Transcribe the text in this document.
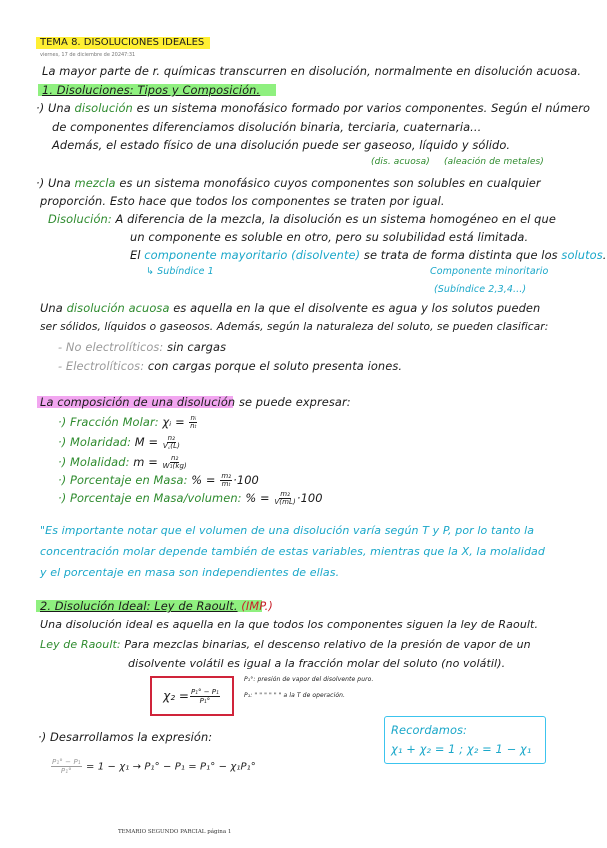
TEMA 8. DISOLUCIONES IDEALES
viernes, 17 de diciembre de 2024 7:31
La mayor parte de r. químicas transcurren en disolución, normalmente en disolución acuosa.
1. Disoluciones: Tipos y Composición.
·) Una disolución es un sistema monofásico formado por varios componentes. Según el número
de componentes diferenciamos disolución binaria, terciaria, cuaternaria...
Además, el estado físico de una disolución puede ser gaseoso, líquido y sólido.
(dis. acuosa) (aleación de metales)
·) Una mezcla es un sistema monofásico cuyos componentes son solubles en cualquier
proporción. Esto hace que todos los componentes se traten por igual.
Disolución: A diferencia de la mezcla, la disolución es un sistema homogéneo en el que
un componente es soluble en otro, pero su solubilidad está limitada.
El componente mayoritario (disolvente) se trata de forma distinta que los solutos.
↳ Subíndice 1	Componente minoritario
(Subíndice 2,3,4...)
Una disolución acuosa es aquella en la que el disolvente es agua y los solutos pueden
ser sólidos, líquidos o gaseosos. Además, según la naturaleza del soluto, se pueden clasificar:
- No electrolíticos: sin cargas
- Electrolíticos: con cargas porque el soluto presenta iones.
La composición de una disolución se puede expresar:
·) Fracción Molar: χᵢ = $\frac{\text{nᵢ}}{\text{nₜ}}$
·) Molaridad: $M = \frac{\text{n₂}}{V꜀(L)}$
·) Molalidad: $m = \frac{\text{n₂}}{\text{W₁(kg)}}$
·) Porcentaje en Masa: % = $\frac{\text{m₂}}{\text{mₜ}} \cdot 100$
·) Porcentaje en Masa/volumen: % = $\frac{\text{m₂}}{V(mL)} \cdot 100$
"Es importante notar que el volumen de una disolución varía según T y P, por lo tanto la
concentración molar depende también de estas variables, mientras que la X, la molalidad
y el porcentaje en masa son independientes de ellas.
2. Disolución Ideal: Ley de Raoult. (IMP.)
Una disolución ideal es aquella en la que todos los componentes siguen la ley de Raoult.
Ley de Raoult: Para mezclas binarias, el descenso relativo de la presión de vapor de un
disolvente volátil es igual a la fracción molar del soluto (no volátil).
$\chi_2 = \frac{\text{P₁° − P₁}}{\text{P₁°}}$
P₁°: presión de vapor del disolvente puro.
P₁: " " " " " " a la T de operación.
·) Desarrollamos la expresión:
$\frac{\text{P₁° − P₁}}{\text{P₁°}} = 1 - \chi_1 \to P_1^\circ - P_1 = P_1^\circ - \chi_1P_1^\circ$
Recordamos:
χ₁ + χ₂ = 1 ; χ₂ = 1 − χ₁
TEMARIO SEGUNDO PARCIAL página 1
